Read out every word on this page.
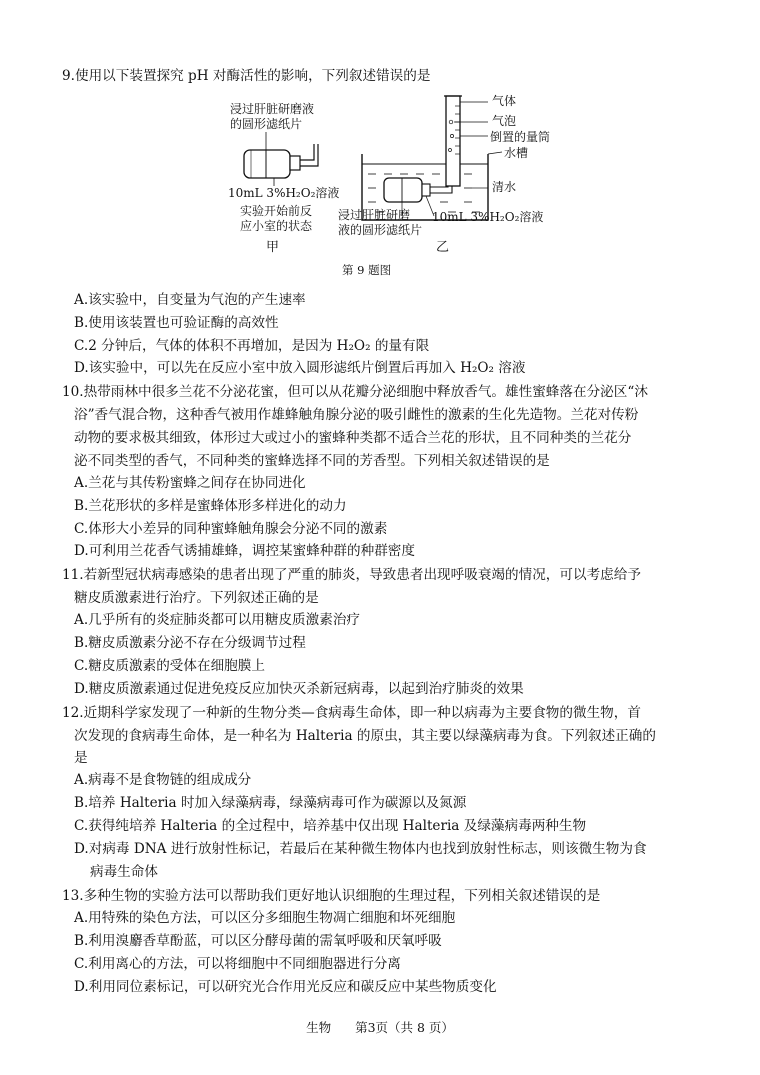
9.使用以下装置探究 pH 对酶活性的影响，下列叙述错误的是
浸过肝脏研磨液
的圆形滤纸片
10mL 3%H₂O₂溶液
实验开始前反
应小室的状态
甲
气体
气泡
倒置的量筒
水槽
清水
浸过肝脏研磨
液的圆形滤纸片
10mL 3%H₂O₂溶液
乙
第 9 题图
A.该实验中，自变量为气泡的产生速率
B.使用该装置也可验证酶的高效性
C.2 分钟后，气体的体积不再增加，是因为 H₂O₂ 的量有限
D.该实验中，可以先在反应小室中放入圆形滤纸片倒置后再加入 H₂O₂ 溶液
10.热带雨林中很多兰花不分泌花蜜，但可以从花瓣分泌细胞中释放香气。雄性蜜蜂落在分泌区“沐
浴”香气混合物，这种香气被用作雄蜂触角腺分泌的吸引雌性的激素的生化先造物。兰花对传粉
动物的要求极其细致，体形过大或过小的蜜蜂种类都不适合兰花的形状，且不同种类的兰花分
泌不同类型的香气，不同种类的蜜蜂选择不同的芳香型。下列相关叙述错误的是
A.兰花与其传粉蜜蜂之间存在协同进化
B.兰花形状的多样是蜜蜂体形多样进化的动力
C.体形大小差异的同种蜜蜂触角腺会分泌不同的激素
D.可利用兰花香气诱捕雄蜂，调控某蜜蜂种群的种群密度
11.若新型冠状病毒感染的患者出现了严重的肺炎，导致患者出现呼吸衰竭的情况，可以考虑给予
糖皮质激素进行治疗。下列叙述正确的是
A.几乎所有的炎症肺炎都可以用糖皮质激素治疗
B.糖皮质激素分泌不存在分级调节过程
C.糖皮质激素的受体在细胞膜上
D.糖皮质激素通过促进免疫反应加快灭杀新冠病毒，以起到治疗肺炎的效果
12.近期科学家发现了一种新的生物分类—食病毒生命体，即一种以病毒为主要食物的微生物，首
次发现的食病毒生命体，是一种名为 Halteria 的原虫，其主要以绿藻病毒为食。下列叙述正确的
是
A.病毒不是食物链的组成成分
B.培养 Halteria 时加入绿藻病毒，绿藻病毒可作为碳源以及氮源
C.获得纯培养 Halteria 的全过程中，培养基中仅出现 Halteria 及绿藻病毒两种生物
D.对病毒 DNA 进行放射性标记，若最后在某种微生物体内也找到放射性标志，则该微生物为食
病毒生命体
13.多种生物的实验方法可以帮助我们更好地认识细胞的生理过程，下列相关叙述错误的是
A.用特殊的染色方法，可以区分多细胞生物凋亡细胞和坏死细胞
B.利用溴麝香草酚蓝，可以区分酵母菌的需氧呼吸和厌氧呼吸
C.利用离心的方法，可以将细胞中不同细胞器进行分离
D.利用同位素标记，可以研究光合作用光反应和碳反应中某些物质变化
生物 第3页（共 8 页）
